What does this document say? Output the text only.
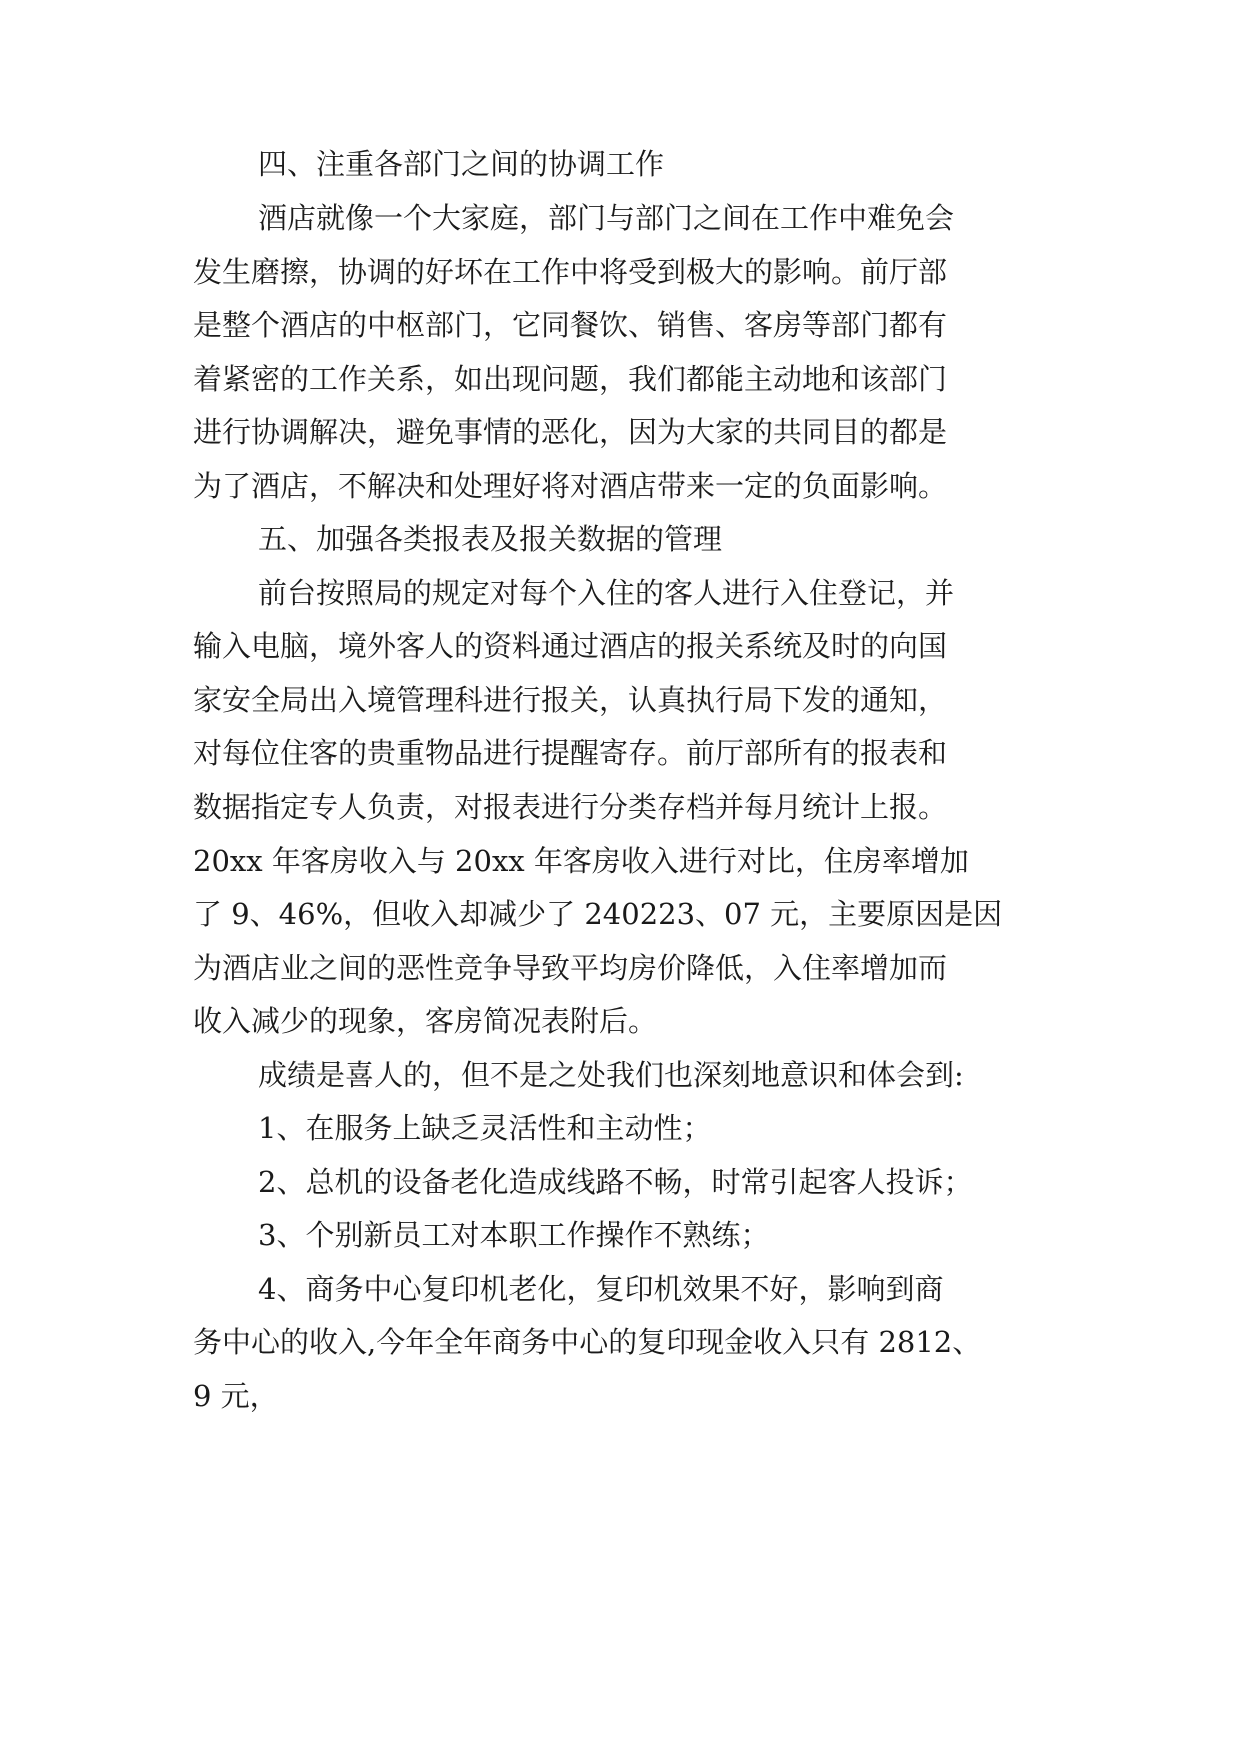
四、注重各部门之间的协调工作

酒店就像一个大家庭，部门与部门之间在工作中难免会

发生磨擦，协调的好坏在工作中将受到极大的影响。前厅部

是整个酒店的中枢部门，它同餐饮、销售、客房等部门都有

着紧密的工作关系，如出现问题，我们都能主动地和该部门

进行协调解决，避免事情的恶化，因为大家的共同目的都是

为了酒店，不解决和处理好将对酒店带来一定的负面影响。

五、加强各类报表及报关数据的管理

前台按照局的规定对每个入住的客人进行入住登记，并

输入电脑，境外客人的资料通过酒店的报关系统及时的向国

家安全局出入境管理科进行报关，认真执行局下发的通知，

对每位住客的贵重物品进行提醒寄存。前厅部所有的报表和

数据指定专人负责，对报表进行分类存档并每月统计上报。

20xx 年客房收入与 20xx 年客房收入进行对比，住房率增加

了 9、46%，但收入却减少了 240223、07 元，主要原因是因

为酒店业之间的恶性竞争导致平均房价降低，入住率增加而

收入减少的现象，客房简况表附后。

成绩是喜人的，但不是之处我们也深刻地意识和体会到:

1、在服务上缺乏灵活性和主动性；

2、总机的设备老化造成线路不畅，时常引起客人投诉；

3、个别新员工对本职工作操作不熟练；

4、商务中心复印机老化，复印机效果不好，影响到商

务中心的收入,今年全年商务中心的复印现金收入只有 2812、

9 元，
